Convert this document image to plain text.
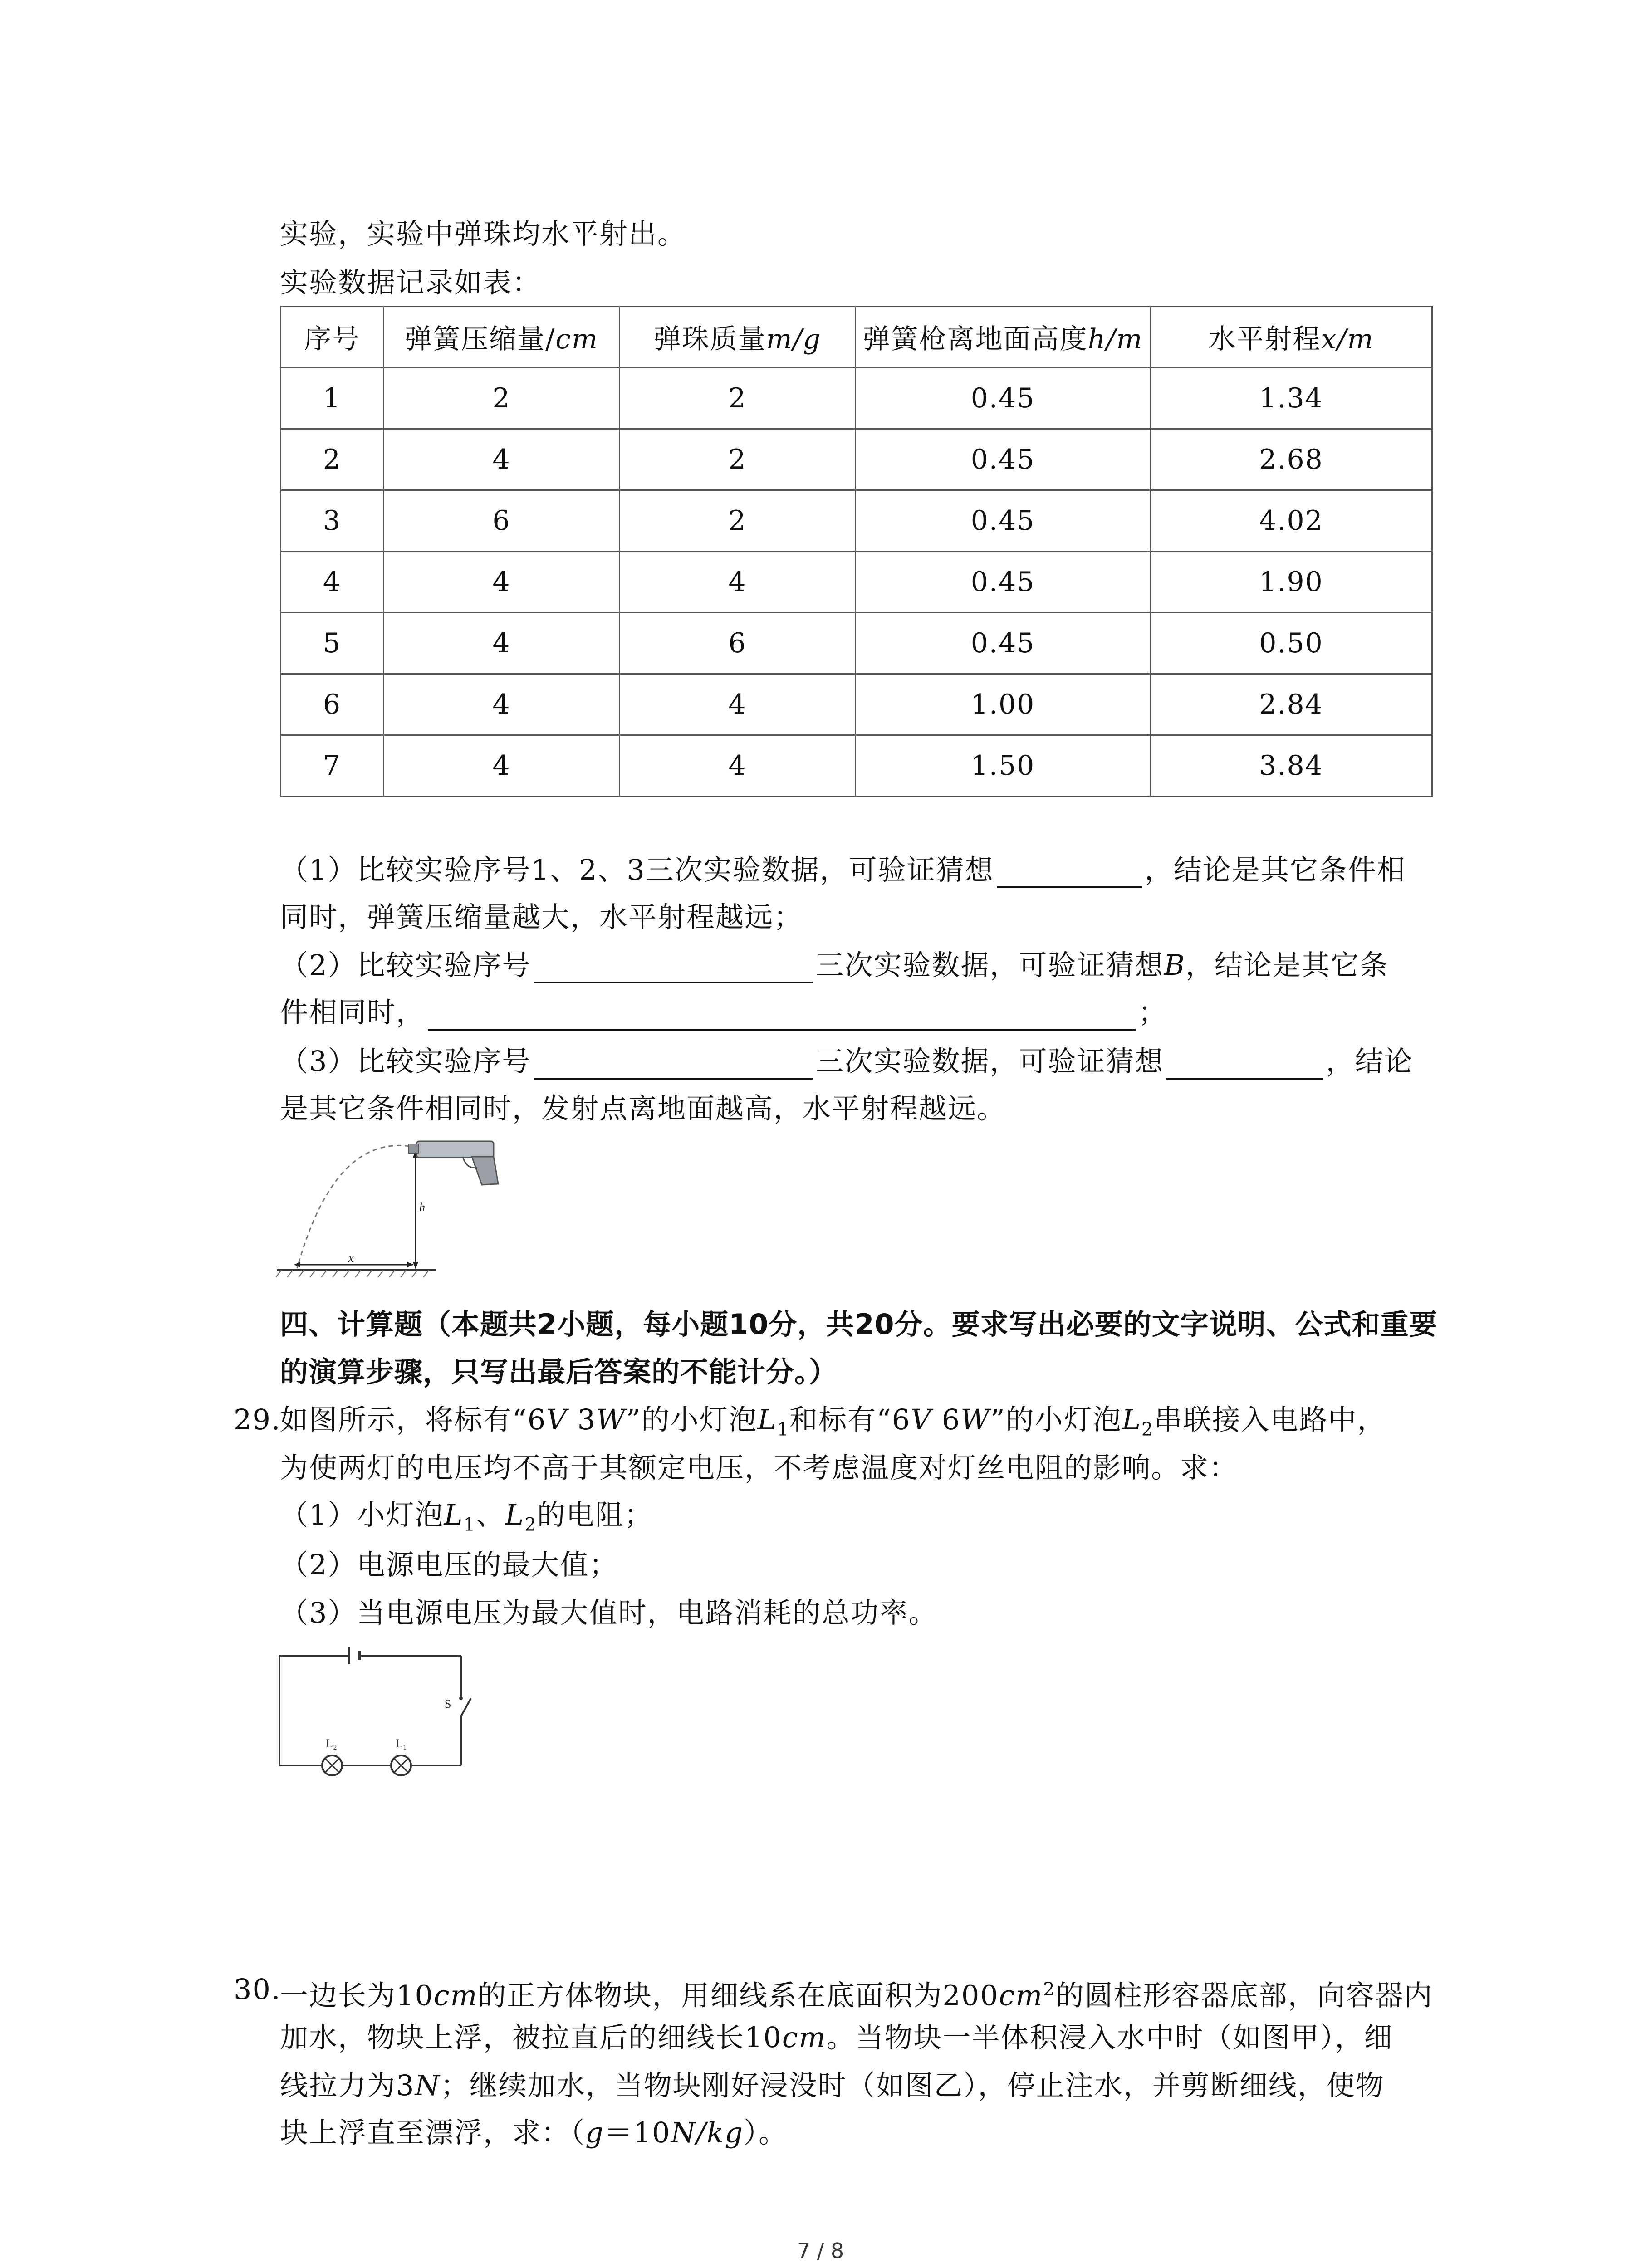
实验，实验中弹珠均水平射出。
实验数据记录如表：
序号	弹簧压缩量/cm	弹珠质量m/g	弹簧枪离地面高度h/m	水平射程x/m
1	2	2	0.45	1.34
2	4	2	0.45	2.68
3	6	2	0.45	4.02
4	4	4	0.45	1.90
5	4	6	0.45	0.50
6	4	4	1.00	2.84
7	4	4	1.50	3.84
（1）比较实验序号1、2、3三次实验数据，可验证猜想	，结论是其它条件相
同时，弹簧压缩量越大，水平射程越远；
（2）比较实验序号	三次实验数据，可验证猜想B，结论是其它条
件相同时，	；
（3）比较实验序号	三次实验数据，可验证猜想	，结论
是其它条件相同时，发射点离地面越高，水平射程越远。
h
x
四、计算题（本题共2小题，每小题10分，共20分。要求写出必要的文字说明、公式和重要
的演算步骤，只写出最后答案的不能计分。）
29.
如图所示，将标有“6V 3W”的小灯泡$L_1$和标有“6V 6W”的小灯泡$L_2$串联接入电路中，
为使两灯的电压均不高于其额定电压，不考虑温度对灯丝电阻的影响。求：
（1）小灯泡$L_1$、$L_2$的电阻；
（2）电源电压的最大值；
（3）当电源电压为最大值时，电路消耗的总功率。
S
L₂	L₁
30.
一边长为10cm的正方体物块，用细线系在底面积为$200cm^2$的圆柱形容器底部，向容器内
加水，物块上浮，被拉直后的细线长10cm。当物块一半体积浸入水中时（如图甲），细
线拉力为3N；继续加水，当物块刚好浸没时（如图乙），停止注水，并剪断细线，使物
块上浮直至漂浮，求：（g＝10N/kg）。
7 / 8
